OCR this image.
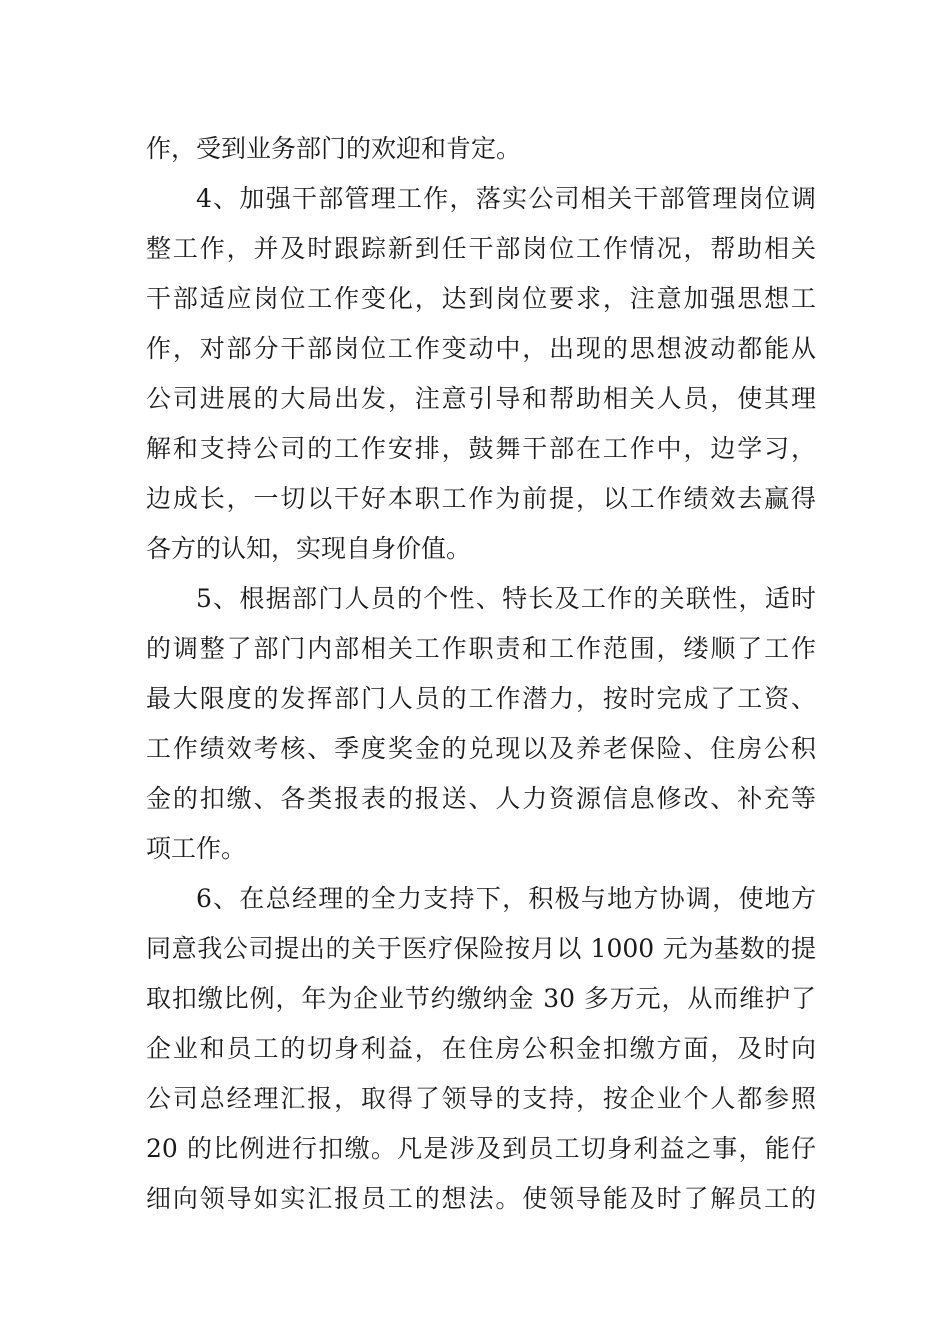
作，受到业务部门的欢迎和肯定。

4、加强干部管理工作，落实公司相关干部管理岗位调

整工作，并及时跟踪新到任干部岗位工作情况，帮助相关

干部适应岗位工作变化，达到岗位要求，注意加强思想工

作，对部分干部岗位工作变动中，出现的思想波动都能从

公司进展的大局出发，注意引导和帮助相关人员，使其理

解和支持公司的工作安排，鼓舞干部在工作中，边学习，

边成长，一切以干好本职工作为前提，以工作绩效去赢得

各方的认知，实现自身价值。

5、根据部门人员的个性、特长及工作的关联性，适时

的调整了部门内部相关工作职责和工作范围，缕顺了工作

最大限度的发挥部门人员的工作潜力，按时完成了工资、

工作绩效考核、季度奖金的兑现以及养老保险、住房公积

金的扣缴、各类报表的报送、人力资源信息修改、补充等

项工作。

6、在总经理的全力支持下，积极与地方协调，使地方

同意我公司提出的关于医疗保险按月以 1000 元为基数的提

取扣缴比例，年为企业节约缴纳金 30 多万元，从而维护了

企业和员工的切身利益，在住房公积金扣缴方面，及时向

公司总经理汇报，取得了领导的支持，按企业个人都参照

20 的比例进行扣缴。凡是涉及到员工切身利益之事，能仔

细向领导如实汇报员工的想法。使领导能及时了解员工的
